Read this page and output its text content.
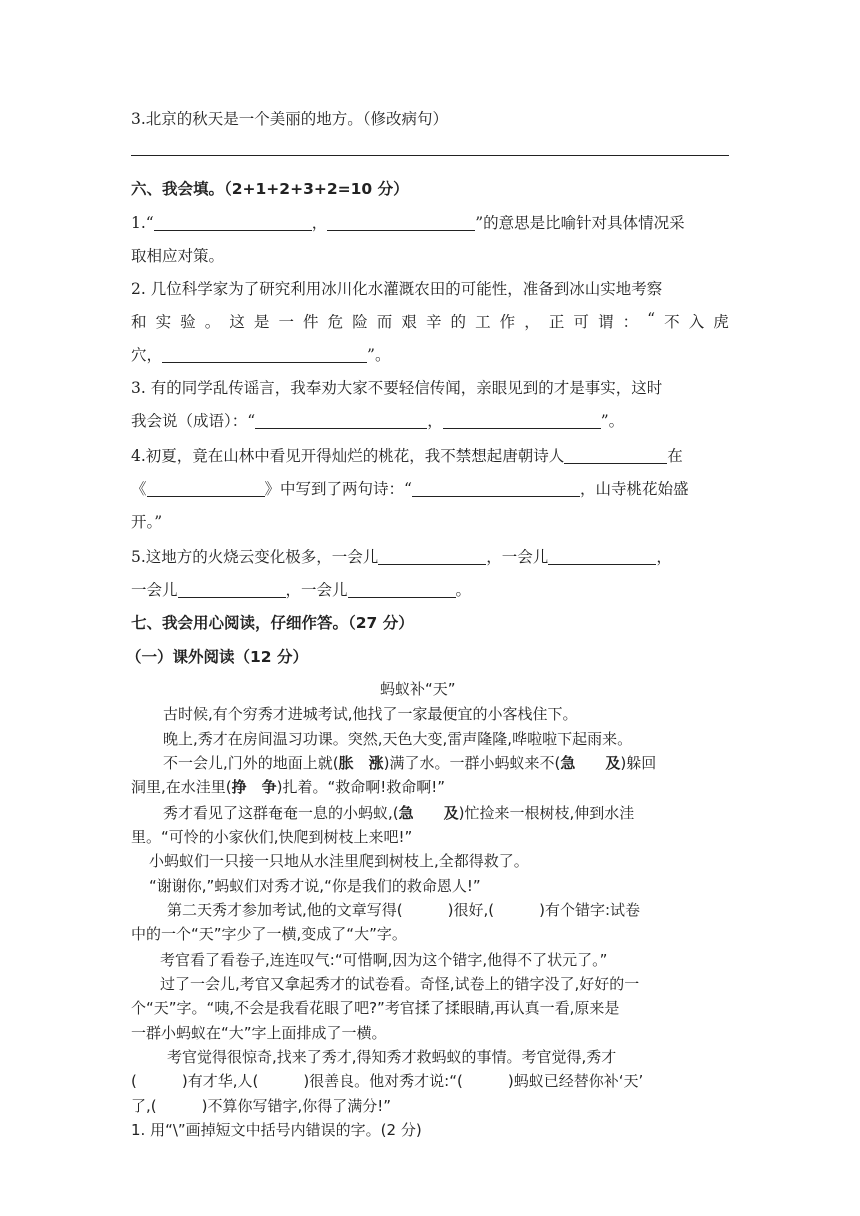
3.北京的秋天是一个美丽的地方。（修改病句）
六、我会填。（2+1+2+3+2=10 分）
1.“	，	”的意思是比喻针对具体情况采
取相应对策。
2. 几位科学家为了研究利用冰川化水灌溉农田的可能性，准备到冰山实地考察
和 实 验 。 这 是 一 件 危 险 而 艰 辛 的 工 作 ， 正 可 谓 ： “ 不 入 虎
穴，	”。
3. 有的同学乱传谣言，我奉劝大家不要轻信传闻，亲眼见到的才是事实，这时
我会说（成语）：“	，	”。
4.初夏，竟在山林中看见开得灿烂的桃花，我不禁想起唐朝诗人	在
《	》中写到了两句诗：“	，山寺桃花始盛
开。”
5.这地方的火烧云变化极多，一会儿	，一会儿	，
一会儿	，一会儿	。
七、我会用心阅读，仔细作答。（27 分）
（一）课外阅读（12 分）
蚂蚁补“天”
古时候,有个穷秀才进城考试,他找了一家最便宜的小客栈住下。
晚上,秀才在房间温习功课。突然,天色大变,雷声隆隆,哗啦啦下起雨来。
不一会儿,门外的地面上就(胀　涨)满了水。一群小蚂蚁来不(急　　及)躲回
洞里,在水洼里(挣　争)扎着。“救命啊!救命啊!”
秀才看见了这群奄奄一息的小蚂蚁,(急　　及)忙捡来一根树枝,伸到水洼
里。“可怜的小家伙们,快爬到树枝上来吧!”
小蚂蚁们一只接一只地从水洼里爬到树枝上,全都得救了。
“谢谢你,”蚂蚁们对秀才说,“你是我们的救命恩人!”
第二天秀才参加考试,他的文章写得(　　　)很好,(　　　)有个错字:试卷
中的一个“天”字少了一横,变成了“大”字。
考官看了看卷子,连连叹气:“可惜啊,因为这个错字,他得不了状元了。”
过了一会儿,考官又拿起秀才的试卷看。奇怪,试卷上的错字没了,好好的一
个“天”字。“咦,不会是我看花眼了吧?”考官揉了揉眼睛,再认真一看,原来是
一群小蚂蚁在“大”字上面排成了一横。
考官觉得很惊奇,找来了秀才,得知秀才救蚂蚁的事情。考官觉得,秀才
(　　　)有才华,人(　　　)很善良。他对秀才说:“(　　　)蚂蚁已经替你补‘天’
了,(　　　)不算你写错字,你得了满分!”
1. 用“\”画掉短文中括号内错误的字。(2 分)
